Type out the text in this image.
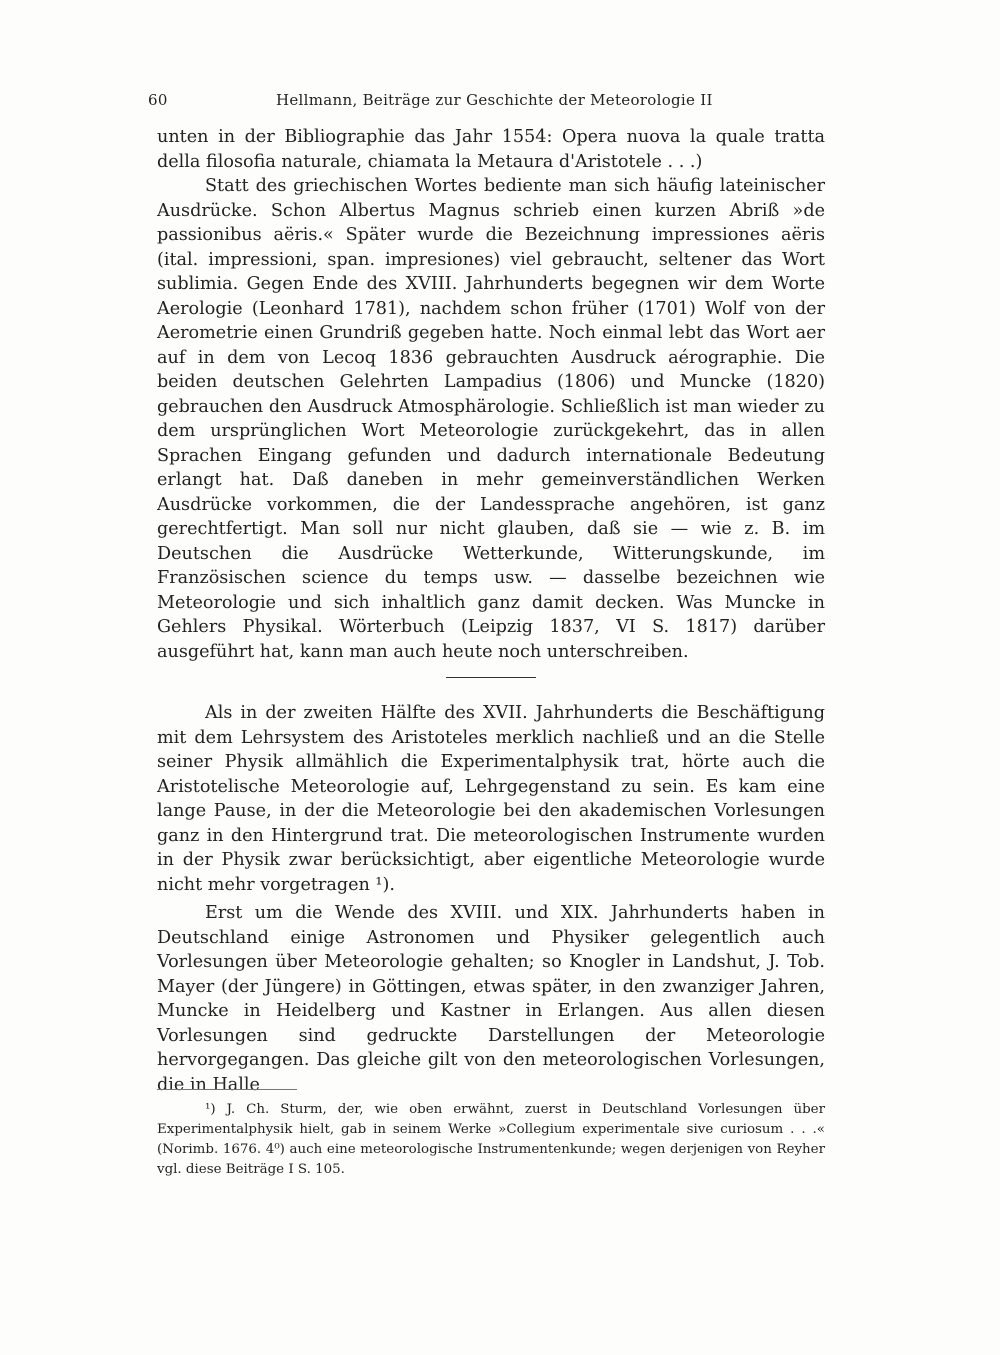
60	Hellmann, Beiträge zur Geschichte der Meteorologie II

unten in der Bibliographie das Jahr 1554: Opera nuova la quale tratta della filosofia naturale, chiamata la Metaura d'Aristotele . . .)

Statt des griechischen Wortes bediente man sich häufig lateinischer Ausdrücke. Schon Albertus Magnus schrieb einen kurzen Abriß »de passionibus aëris.« Später wurde die Bezeichnung impressiones aëris (ital. impressioni, span. impresiones) viel gebraucht, seltener das Wort sublimia. Gegen Ende des XVIII. Jahrhunderts begegnen wir dem Worte Aerologie (Leonhard 1781), nachdem schon früher (1701) Wolf von der Aerometrie einen Grundriß gegeben hatte. Noch einmal lebt das Wort aer auf in dem von Lecoq 1836 gebrauchten Ausdruck aérographie. Die beiden deutschen Gelehrten Lampadius (1806) und Muncke (1820) gebrauchen den Ausdruck Atmosphärologie. Schließlich ist man wieder zu dem ursprünglichen Wort Meteorologie zurückgekehrt, das in allen Sprachen Eingang gefunden und dadurch internationale Bedeutung erlangt hat. Daß daneben in mehr gemeinverständlichen Werken Ausdrücke vorkommen, die der Landessprache angehören, ist ganz gerechtfertigt. Man soll nur nicht glauben, daß sie — wie z. B. im Deutschen die Ausdrücke Wetterkunde, Witterungskunde, im Französischen science du temps usw. — dasselbe bezeichnen wie Meteorologie und sich inhaltlich ganz damit decken. Was Muncke in Gehlers Physikal. Wörterbuch (Leipzig 1837, VI S. 1817) darüber ausgeführt hat, kann man auch heute noch unterschreiben.

Als in der zweiten Hälfte des XVII. Jahrhunderts die Beschäftigung mit dem Lehrsystem des Aristoteles merklich nachließ und an die Stelle seiner Physik allmählich die Experimentalphysik trat, hörte auch die Aristotelische Meteorologie auf, Lehrgegenstand zu sein. Es kam eine lange Pause, in der die Meteorologie bei den akademischen Vorlesungen ganz in den Hintergrund trat. Die meteorologischen Instrumente wurden in der Physik zwar berücksichtigt, aber eigentliche Meteorologie wurde nicht mehr vorgetragen ¹).

Erst um die Wende des XVIII. und XIX. Jahrhunderts haben in Deutschland einige Astronomen und Physiker gelegentlich auch Vorlesungen über Meteorologie gehalten; so Knogler in Landshut, J. Tob. Mayer (der Jüngere) in Göttingen, etwas später, in den zwanziger Jahren, Muncke in Heidelberg und Kastner in Erlangen. Aus allen diesen Vorlesungen sind gedruckte Darstellungen der Meteorologie hervorgegangen. Das gleiche gilt von den meteorologischen Vorlesungen, die in Halle

¹) J. Ch. Sturm, der, wie oben erwähnt, zuerst in Deutschland Vorlesungen über Experimentalphysik hielt, gab in seinem Werke »Collegium experimentale sive curiosum . . .« (Norimb. 1676. 4⁰) auch eine meteorologische Instrumentenkunde; wegen derjenigen von Reyher vgl. diese Beiträge I S. 105.
